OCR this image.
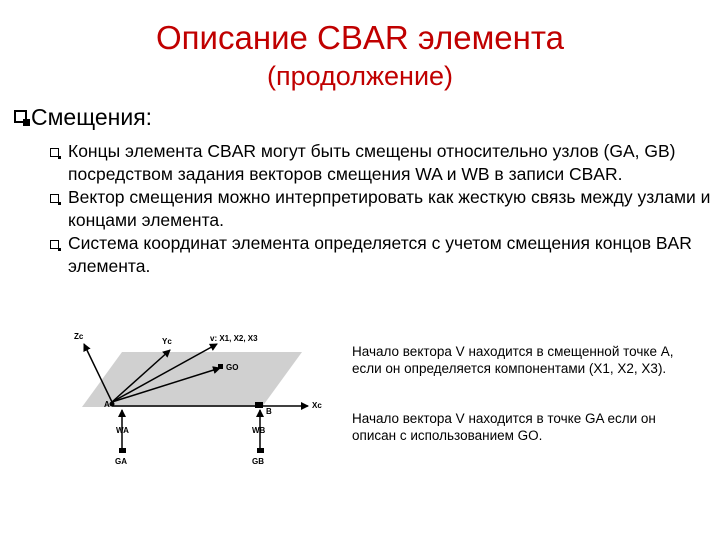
Описание CBAR элемента
(продолжение)
Смещения:
Концы элемента CBAR могут быть смещены относительно узлов (GA, GB) посредством задания векторов смещения WA и WB в записи CBAR.
Вектор смещения можно интерпретировать как жесткую связь между узлами и концами элемента.
Система координат элемента определяется с учетом смещения концов BAR элемента.
Zc
Yc	v: X1, X2, X3
GO
A
B
Xc
WA	WB
GA	GB
Начало вектора V находится в смещенной точке A, если он определяется компонентами (X1, X2, X3).
Начало вектора V находится в точке GA если он описан с использованием GO.
